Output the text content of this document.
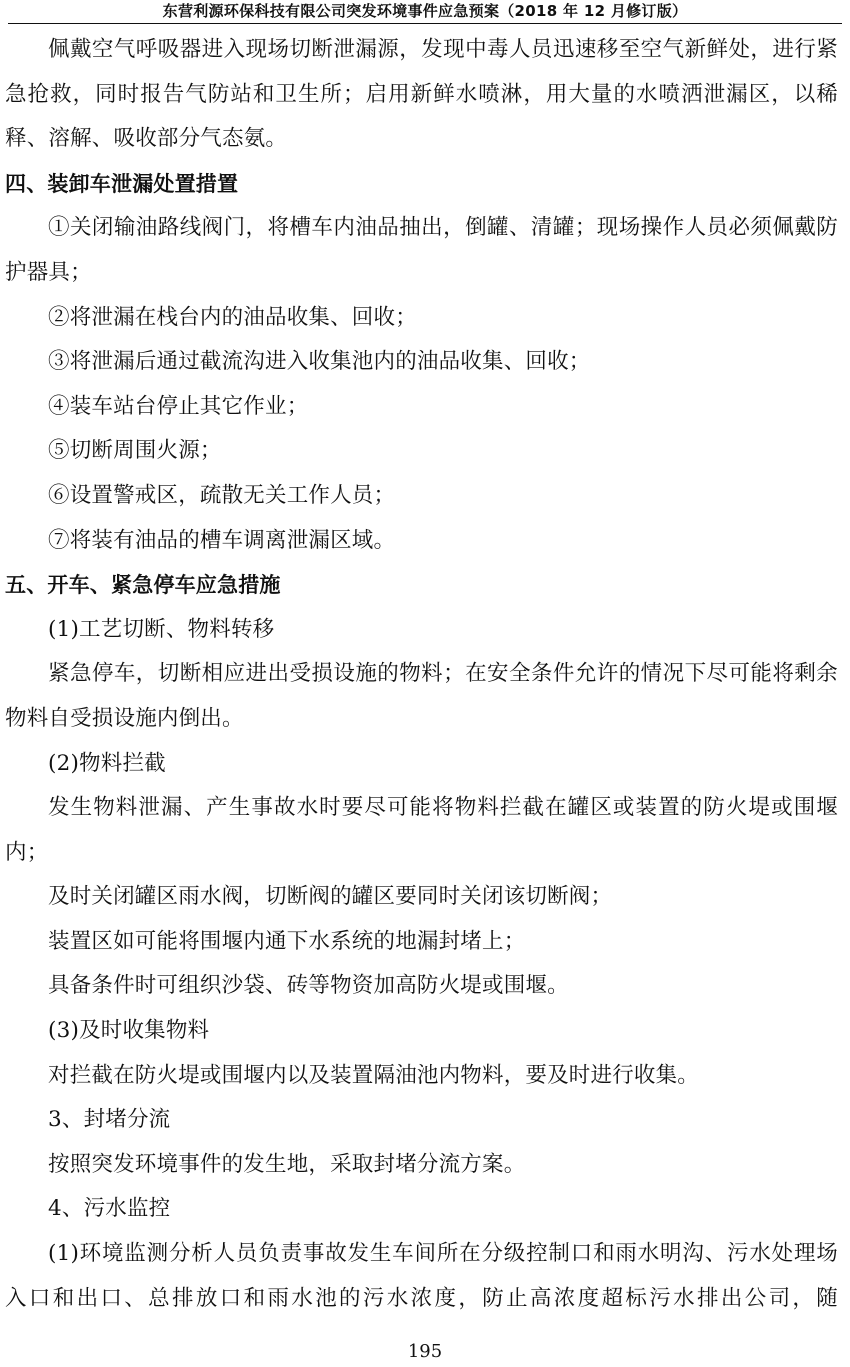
东营利源环保科技有限公司突发环境事件应急预案（2018 年 12 月修订版）

佩戴空气呼吸器进入现场切断泄漏源，发现中毒人员迅速移至空气新鲜处，进行紧急抢救，同时报告气防站和卫生所；启用新鲜水喷淋，用大量的水喷洒泄漏区，以稀释、溶解、吸收部分气态氨。

四、装卸车泄漏处置措置

①关闭输油路线阀门，将槽车内油品抽出，倒罐、清罐；现场操作人员必须佩戴防护器具；

②将泄漏在栈台内的油品收集、回收；

③将泄漏后通过截流沟进入收集池内的油品收集、回收；

④装车站台停止其它作业；

⑤切断周围火源；

⑥设置警戒区，疏散无关工作人员；

⑦将装有油品的槽车调离泄漏区域。

五、开车、紧急停车应急措施

(1)工艺切断、物料转移

紧急停车，切断相应进出受损设施的物料；在安全条件允许的情况下尽可能将剩余物料自受损设施内倒出。

(2)物料拦截

发生物料泄漏、产生事故水时要尽可能将物料拦截在罐区或装置的防火堤或围堰内；

及时关闭罐区雨水阀，切断阀的罐区要同时关闭该切断阀；

装置区如可能将围堰内通下水系统的地漏封堵上；

具备条件时可组织沙袋、砖等物资加高防火堤或围堰。

(3)及时收集物料

对拦截在防火堤或围堰内以及装置隔油池内物料，要及时进行收集。

3、封堵分流

按照突发环境事件的发生地，采取封堵分流方案。

4、污水监控

(1)环境监测分析人员负责事故发生车间所在分级控制口和雨水明沟、污水处理场入口和出口、总排放口和雨水池的污水浓度，防止高浓度超标污水排出公司，随

195
